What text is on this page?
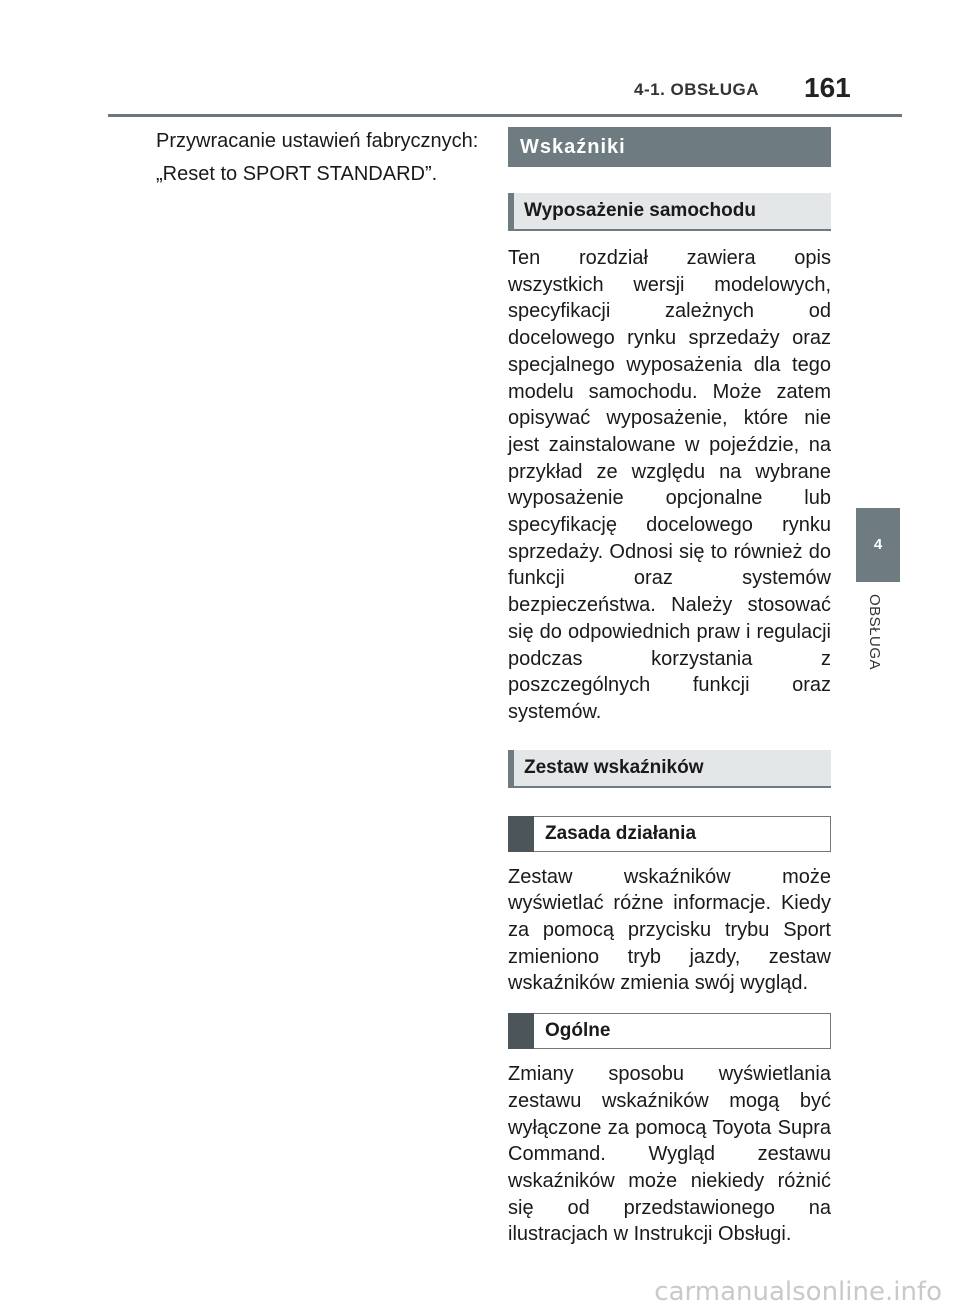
4-1. OBSŁUGA 161

Przywracanie ustawień fabrycznych:

„Reset to SPORT STANDARD”.

Wskaźniki
Wyposażenie samochodu

Ten rozdział zawiera opis wszystkich wersji modelowych, specyfikacji zależnych od docelowego rynku sprzedaży oraz specjalnego wyposażenia dla tego modelu samochodu. Może zatem opisywać wyposażenie, które nie jest zainstalowane w pojeździe, na przykład ze względu na wybrane wyposażenie opcjonalne lub specyfikację docelowego rynku sprzedaży. Odnosi się to również do funkcji oraz systemów bezpieczeństwa. Należy stosować się do odpowiednich praw i regulacji podczas korzystania z poszczególnych funkcji oraz systemów.

Zestaw wskaźników
Zasada działania

Zestaw wskaźników może wyświetlać różne informacje. Kiedy za pomocą przycisku trybu Sport zmieniono tryb jazdy, zestaw wskaźników zmienia swój wygląd.

Ogólne

Zmiany sposobu wyświetlania zestawu wskaźników mogą być wyłączone za pomocą Toyota Supra Command. Wygląd zestawu wskaźników może niekiedy różnić się od przedstawionego na ilustracjach w Instrukcji Obsługi.

4
OBSŁUGA
carmanualsonline.info
